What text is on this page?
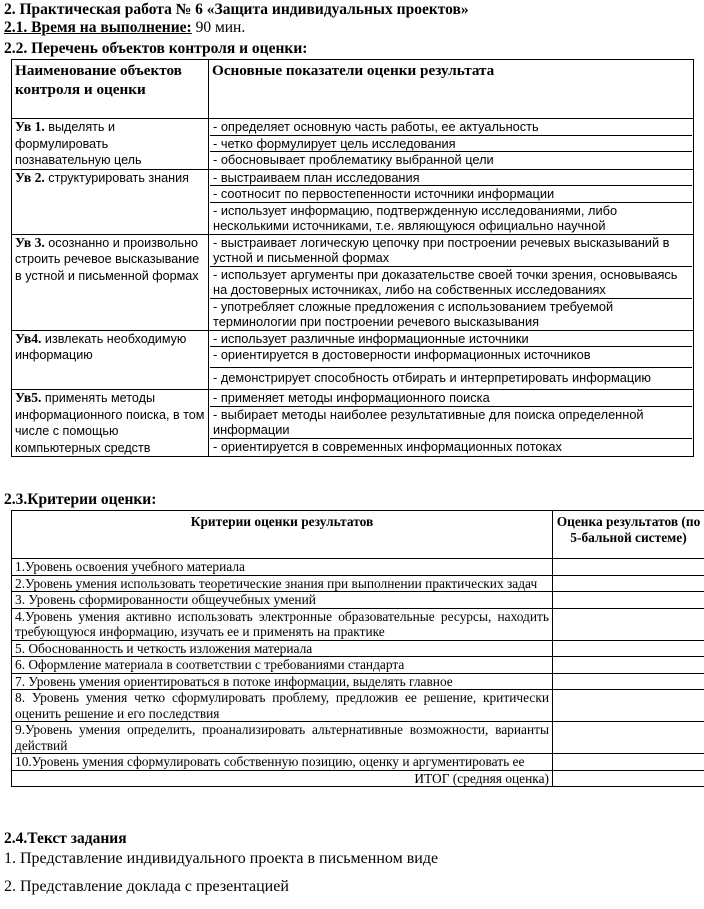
2. Практическая работа № 6 «Защита индивидуальных проектов»
2.1. Время на выполнение: 90 мин.
2.2. Перечень объектов контроля и оценки:
Наименование объектов контроля и оценки	Основные показатели оценки результата
Ув 1. выделять и формулировать познавательную цель	- определяет основную часть работы, ее актуальность
- четко формулирует цель исследования
- обосновывает проблематику выбранной цели

Ув 2. структурировать знания	- выстраиваем план исследования
- соотносит по первостепенности источники информации
- использует информацию, подтвержденную исследованиями, либо несколькими источниками, т.е. являющуюся официально научной

Ув 3. осознанно и произвольно строить речевое высказывание в устной и письменной формах	- выстраивает логическую цепочку при построении речевых высказываний в устной и письменной формах
- использует аргументы при доказательстве своей точки зрения, основываясь на достоверных источниках, либо на собственных исследованиях
- употребляет сложные предложения с использованием требуемой терминологии при построении речевого высказывания

Ув4. извлекать необходимую информацию	- использует различные информационные источники
- ориентируется в достоверности информационных источников
- демонстрирует способность отбирать и интерпретировать информацию

Ув5. применять методы информационного поиска, в том числе с помощью компьютерных средств	- применяет методы информационного поиска
- выбирает методы наиболее результативные для поиска определенной информации
- ориентируется в современных информационных потоках
2.3.Критерии оценки:
Критерии оценки результатов	Оценка результатов (по 5-бальной системе)
1.Уровень освоения учебного материала	
2.Уровень умения использовать теоретические знания при выполнении практических задач	
3. Уровень сформированности общеучебных умений	
4.Уровень умения активно использовать электронные образовательные ресурсы, находить требующуюся информацию, изучать ее и применять на практике	
5. Обоснованность и четкость изложения материала	
6. Оформление материала в соответствии с требованиями стандарта	
7. Уровень умения ориентироваться в потоке информации, выделять главное	
8. Уровень умения четко сформулировать проблему, предложив ее решение, критически оценить решение и его последствия	
9.Уровень умения определить, проанализировать альтернативные возможности, варианты действий	
10.Уровень умения сформулировать собственную позицию, оценку и аргументировать ее	
ИТОГ (средняя оценка)	
2.4.Текст задания
1. Представление индивидуального проекта в письменном виде
2. Представление доклада с презентацией
